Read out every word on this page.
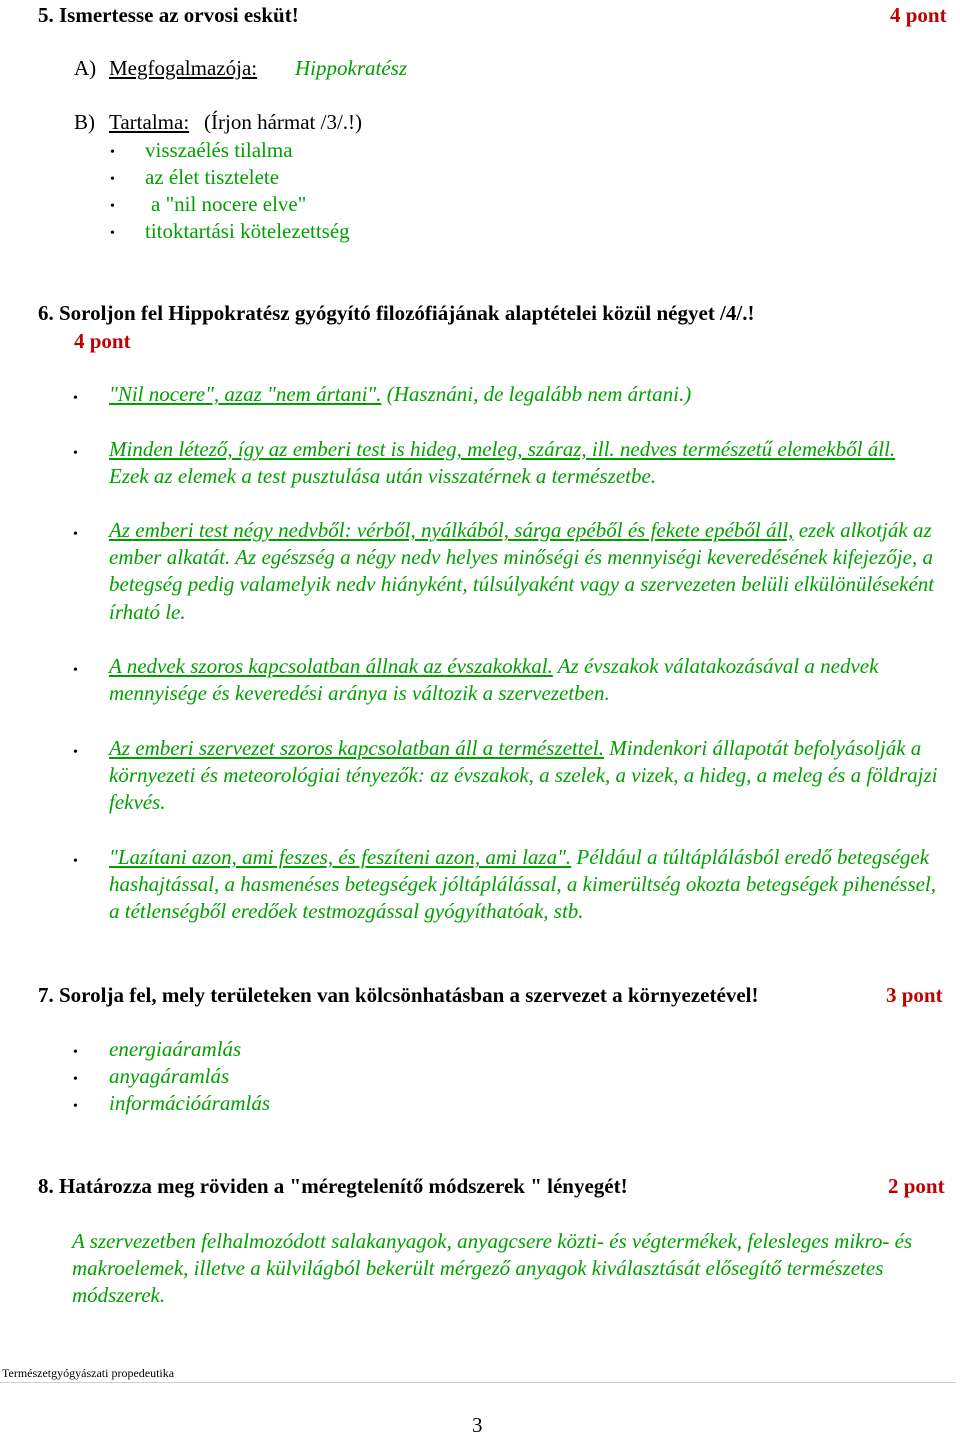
5. Ismertesse az orvosi esküt!	4 pont
A) Megfogalmazója: Hippokratész
B) Tartalma: (Írjon hármat /3/.!)
• visszaélés tilalma
• az élet tisztelete
• a "nil nocere elve"
• titoktartási kötelezettség
6. Soroljon fel Hippokratész gyógyító filozófiájának alaptételei közül négyet /4/.!
4 pont
• "Nil nocere", azaz "nem ártani". (Hasznáni, de legalább nem ártani.)
• Minden létező, így az emberi test is hideg, meleg, száraz, ill. nedves természetű elemekből áll. Ezek az elemek a test pusztulása után visszatérnek a természetbe.
• Az emberi test négy nedvből: vérből, nyálkából, sárga epéből és fekete epéből áll, ezek alkotják az ember alkatát. Az egészség a négy nedv helyes minőségi és mennyiségi keveredésének kifejezője, a betegség pedig valamelyik nedv hiányként, túlsúlyaként vagy a szervezeten belüli elkülönüléseként írható le.
• A nedvek szoros kapcsolatban állnak az évszakokkal. Az évszakok válatakozásával a nedvek mennyisége és keveredési aránya is változik a szervezetben.
• Az emberi szervezet szoros kapcsolatban áll a természettel. Mindenkori állapotát befolyásolják a környezeti és meteorológiai tényezők: az évszakok, a szelek, a vizek, a hideg, a meleg és a földrajzi fekvés.
• "Lazítani azon, ami feszes, és feszíteni azon, ami laza". Például a túltáplálásból eredő betegségek hashajtással, a hasmenéses betegségek jóltáplálással, a kimerültség okozta betegségek pihenéssel, a tétlenségből eredőek testmozgással gyógyíthatóak, stb.
7. Sorolja fel, mely területeken van kölcsönhatásban a szervezet a környezetével!	3 pont
• energiaáramlás
• anyagáramlás
• információáramlás
8. Határozza meg röviden a "méregtelenítő módszerek " lényegét!	2 pont
A szervezetben felhalmozódott salakanyagok, anyagcsere közti- és végtermékek, felesleges mikro- és makroelemek, illetve a külvilágból bekerült mérgező anyagok kiválasztását elősegítő természetes módszerek.
Természetgyógyászati propedeutika
3
